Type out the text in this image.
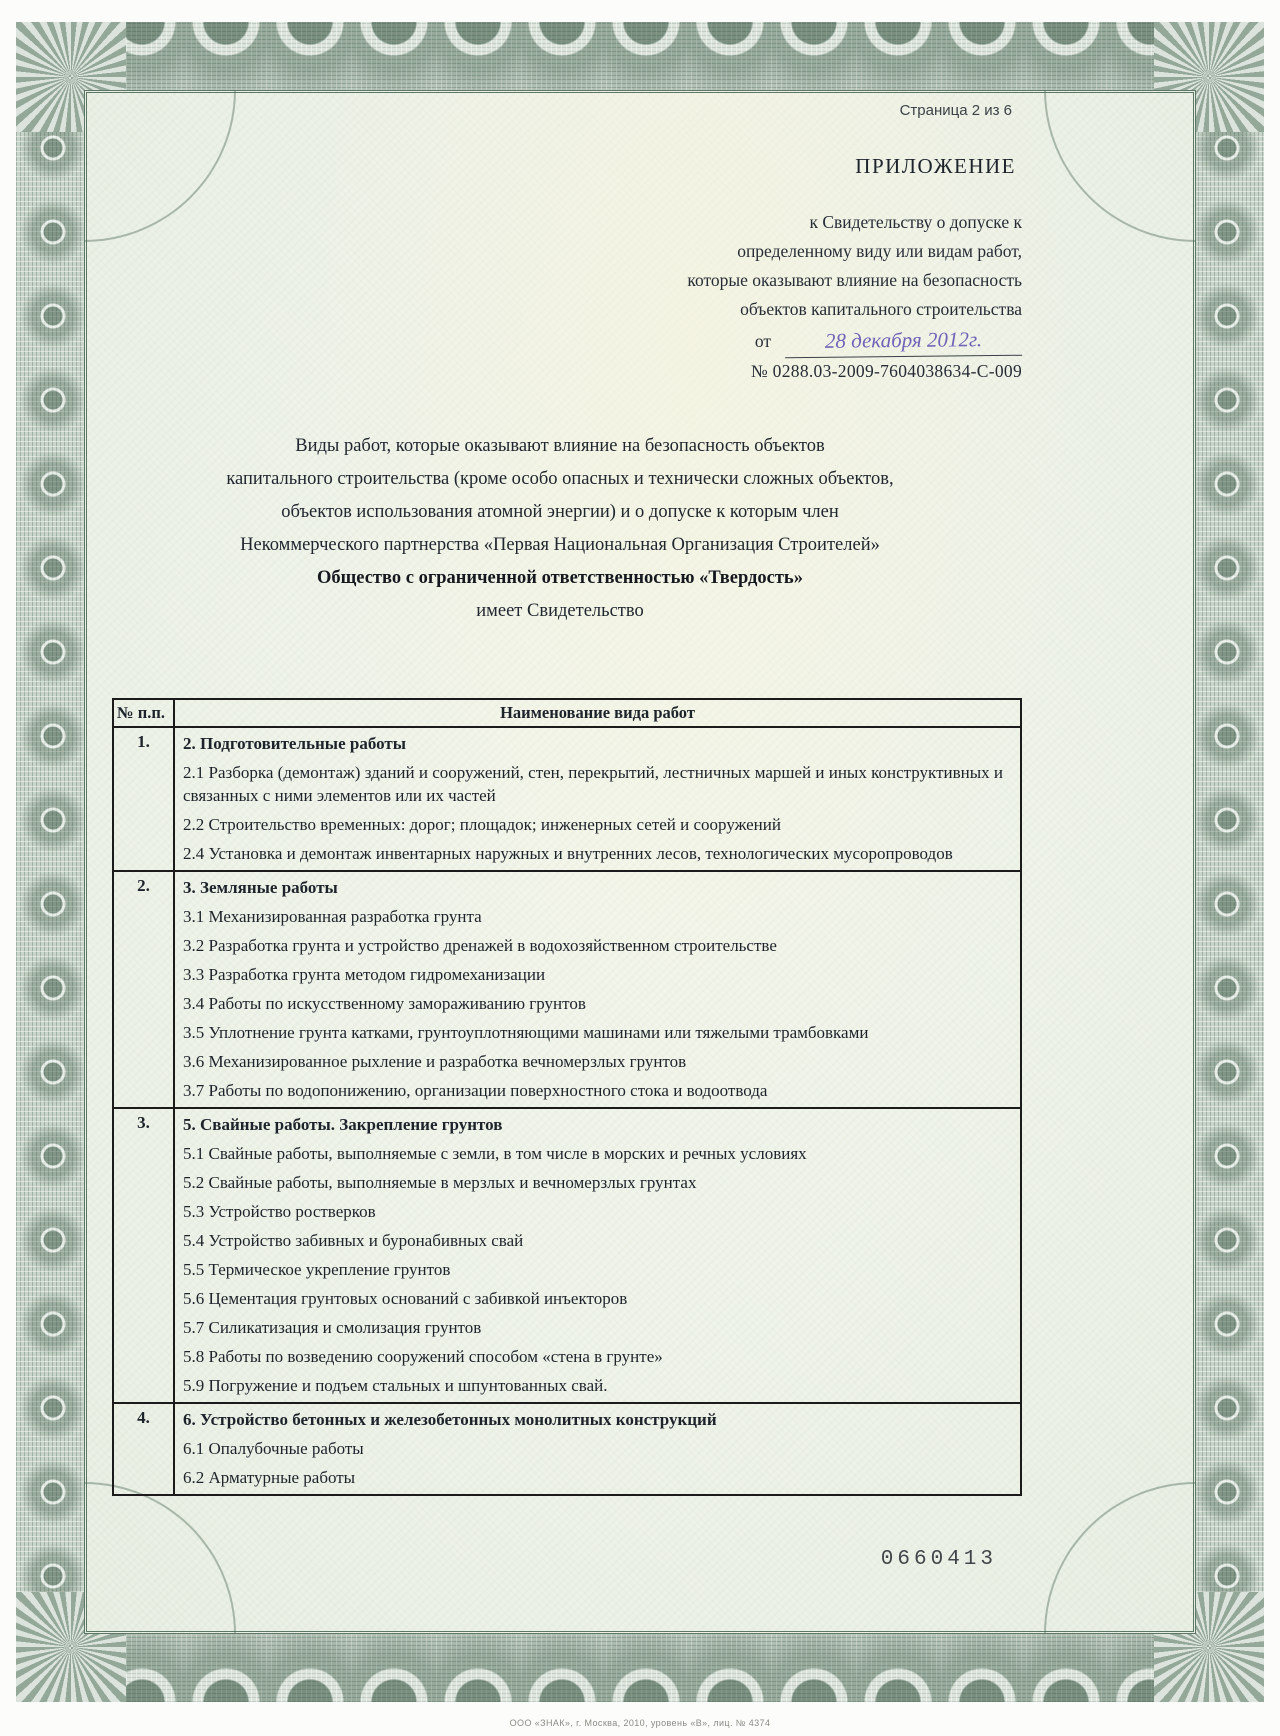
Страница 2 из 6
ПРИЛОЖЕНИЕ
к Свидетельству о допуске к
определенному виду или видам работ,
которые оказывают влияние на безопасность
объектов капитального строительства
от	28 декабря 2012г.
№ 0288.03-2009-7604038634-С-009
Виды работ, которые оказывают влияние на безопасность объектов
капитального строительства (кроме особо опасных и технически сложных объектов,
объектов использования атомной энергии) и о допуске к которым член
Некоммерческого партнерства «Первая Национальная Организация Строителей»
Общество с ограниченной ответственностью «Твердость»
имеет Свидетельство
№ п.п.	Наименование вида работ
1.	2. Подготовительные работы

2.1 Разборка (демонтаж) зданий и сооружений, стен, перекрытий, лестничных маршей и иных конструктивных и связанных с ними элементов или их частей

2.2 Строительство временных: дорог; площадок; инженерных сетей и сооружений

2.4 Установка и демонтаж инвентарных наружных и внутренних лесов, технологических мусоропроводов

2.	3. Земляные работы

3.1 Механизированная разработка грунта

3.2 Разработка грунта и устройство дренажей в водохозяйственном строительстве

3.3 Разработка грунта методом гидромеханизации

3.4 Работы по искусственному замораживанию грунтов

3.5 Уплотнение грунта катками, грунтоуплотняющими машинами или тяжелыми трамбовками

3.6 Механизированное рыхление и разработка вечномерзлых грунтов

3.7 Работы по водопонижению, организации поверхностного стока и водоотвода

3.	5. Свайные работы. Закрепление грунтов

5.1 Свайные работы, выполняемые с земли, в том числе в морских и речных условиях

5.2 Свайные работы, выполняемые в мерзлых и вечномерзлых грунтах

5.3 Устройство ростверков

5.4 Устройство забивных и буронабивных свай

5.5 Термическое укрепление грунтов

5.6 Цементация грунтовых оснований с забивкой инъекторов

5.7 Силикатизация и смолизация грунтов

5.8 Работы по возведению сооружений способом «стена в грунте»

5.9 Погружение и подъем стальных и шпунтованных свай.

4.	6. Устройство бетонных и железобетонных монолитных конструкций

6.1 Опалубочные работы

6.2 Арматурные работы

0660413
ООО «ЗНАК», г. Москва, 2010, уровень «В», лиц. № 4374
